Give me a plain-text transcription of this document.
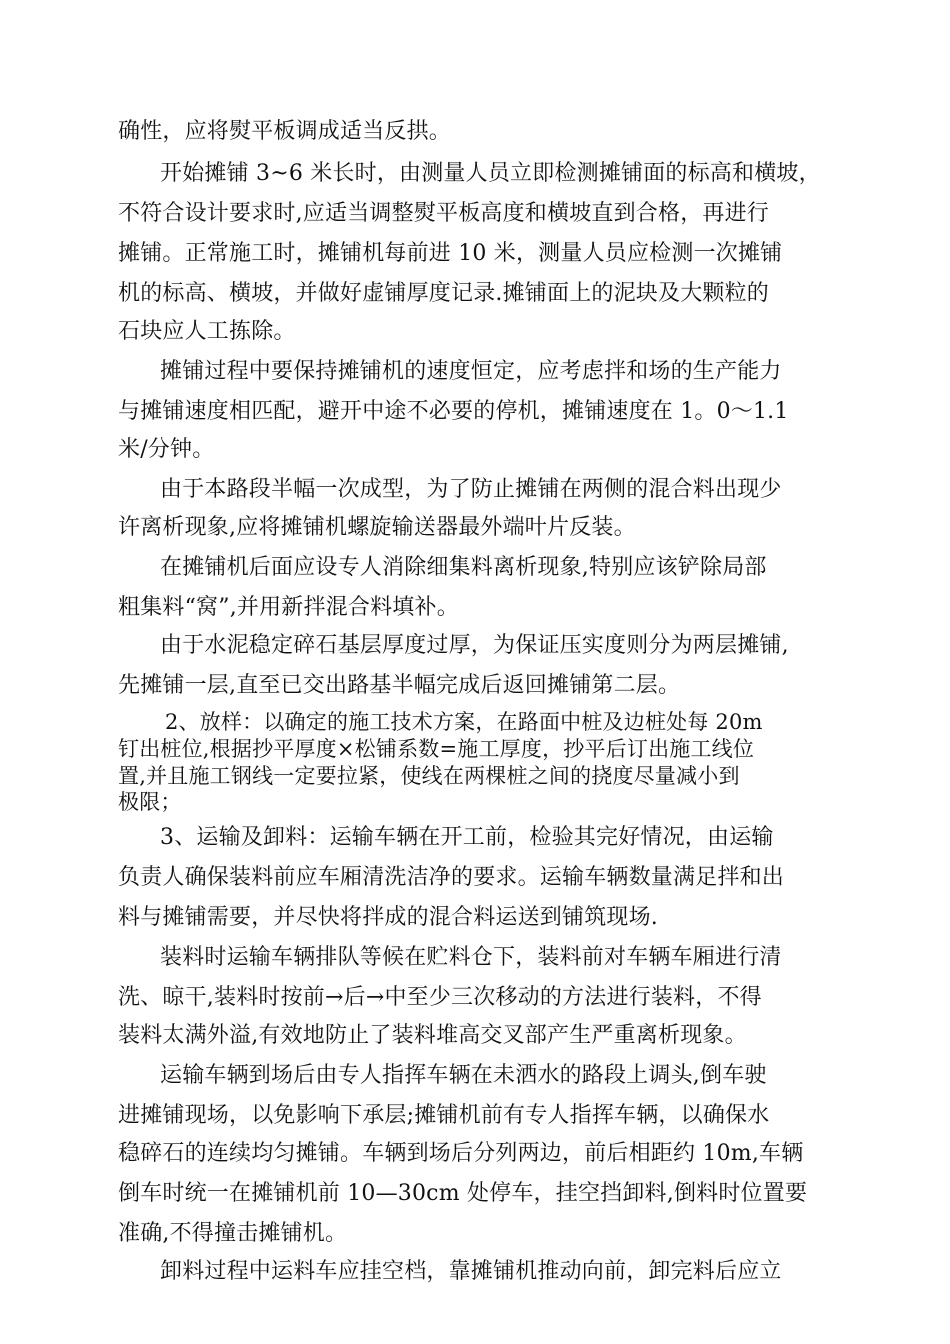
确性，应将熨平板调成适当反拱。
开始摊铺 3~6 米长时，由测量人员立即检测摊铺面的标高和横坡，
不符合设计要求时,应适当调整熨平板高度和横坡直到合格，再进行
摊铺。正常施工时，摊铺机每前进 10 米，测量人员应检测一次摊铺
机的标高、横坡，并做好虚铺厚度记录.摊铺面上的泥块及大颗粒的
石块应人工拣除。
摊铺过程中要保持摊铺机的速度恒定，应考虑拌和场的生产能力
与摊铺速度相匹配，避开中途不必要的停机，摊铺速度在 1。0～1.1
米/分钟。
由于本路段半幅一次成型，为了防止摊铺在两侧的混合料出现少
许离析现象,应将摊铺机螺旋输送器最外端叶片反装。
在摊铺机后面应设专人消除细集料离析现象,特别应该铲除局部
粗集料“窝”,并用新拌混合料填补。
由于水泥稳定碎石基层厚度过厚，为保证压实度则分为两层摊铺,
先摊铺一层,直至已交出路基半幅完成后返回摊铺第二层。
2、放样：以确定的施工技术方案，在路面中桩及边桩处每 20m
钉出桩位,根据抄平厚度×松铺系数=施工厚度，抄平后订出施工线位
置,并且施工钢线一定要拉紧，使线在两棵桩之间的挠度尽量减小到
极限；
3、运输及卸料：运输车辆在开工前，检验其完好情况，由运输
负责人确保装料前应车厢清洗洁净的要求。运输车辆数量满足拌和出
料与摊铺需要，并尽快将拌成的混合料运送到铺筑现场.
装料时运输车辆排队等候在贮料仓下，装料前对车辆车厢进行清
洗、晾干,装料时按前→后→中至少三次移动的方法进行装料，不得
装料太满外溢,有效地防止了装料堆高交叉部产生严重离析现象。
运输车辆到场后由专人指挥车辆在未洒水的路段上调头,倒车驶
进摊铺现场，以免影响下承层;摊铺机前有专人指挥车辆，以确保水
稳碎石的连续均匀摊铺。车辆到场后分列两边，前后相距约 10m,车辆
倒车时统一在摊铺机前 10—30cm 处停车，挂空挡卸料,倒料时位置要
准确,不得撞击摊铺机。
卸料过程中运料车应挂空档，靠摊铺机推动向前，卸完料后应立
